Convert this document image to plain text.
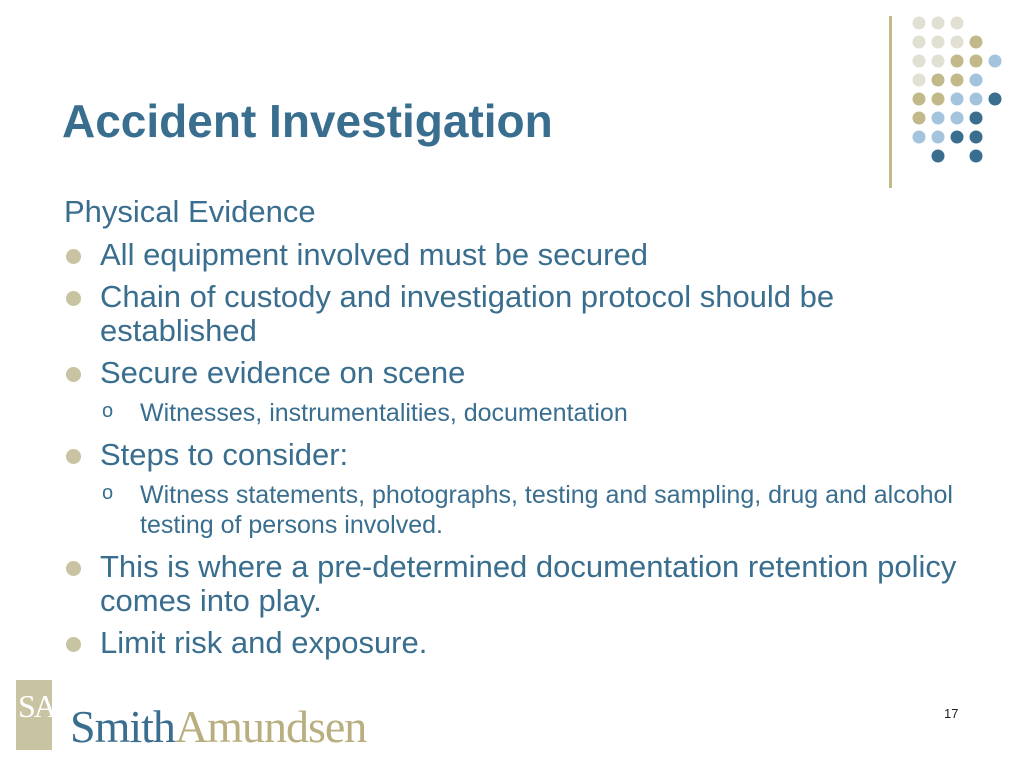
Accident Investigation
Physical Evidence
All equipment involved must be secured
Chain of custody and investigation protocol should be established
Secure evidence on scene
o Witnesses, instrumentalities, documentation
Steps to consider:
o Witness statements, photographs, testing and sampling, drug and alcohol testing of persons involved.
This is where a pre-determined documentation retention policy comes into play.
Limit risk and exposure.
SA SmithAmundsen	17
